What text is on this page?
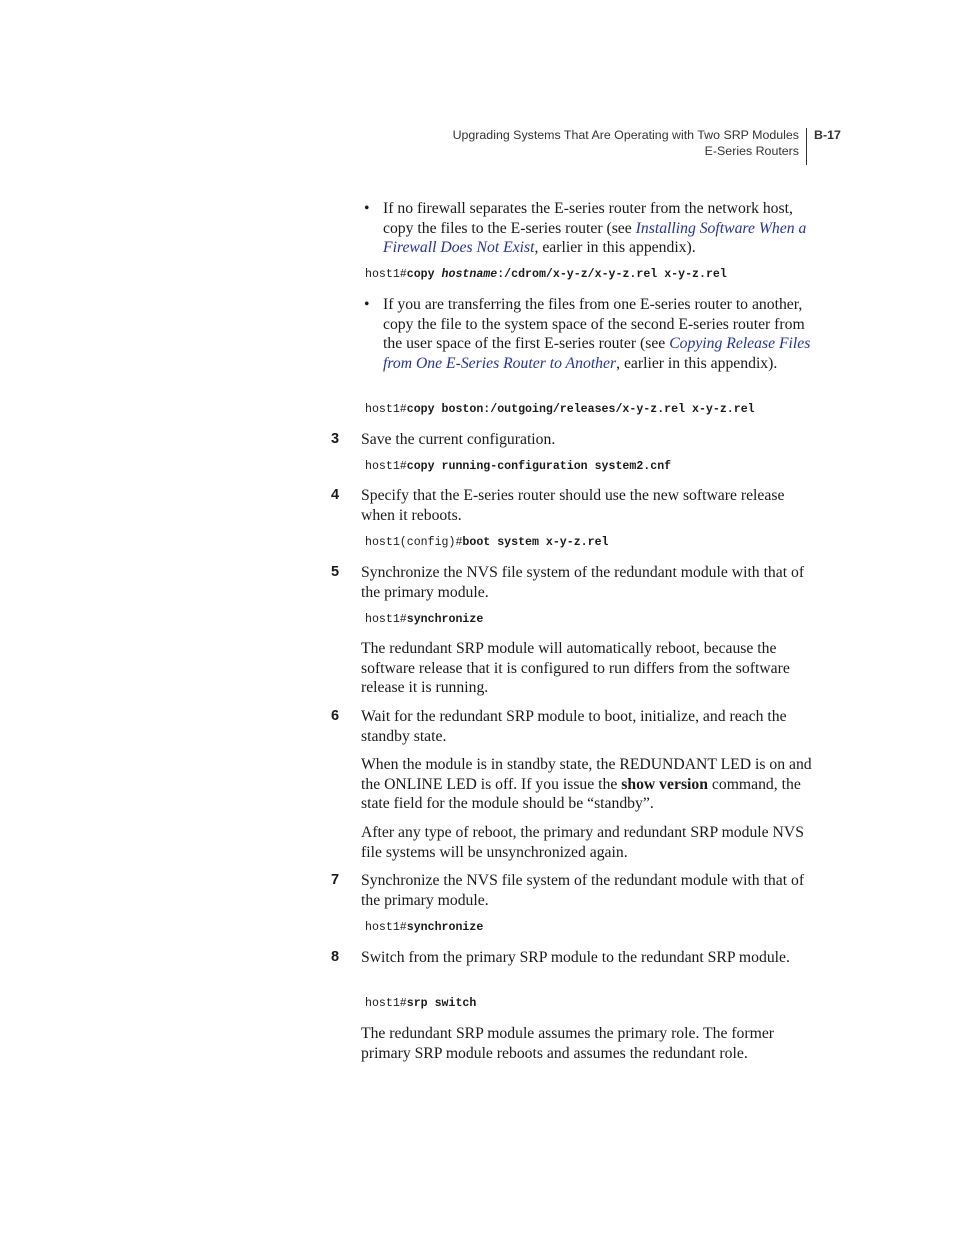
Upgrading Systems That Are Operating with Two SRP Modules
E-Series Routers
B-17
• If no firewall separates the E-series router from the network host, copy the files to the E-series router (see Installing Software When a Firewall Does Not Exist, earlier in this appendix).
host1#copy hostname:/cdrom/x-y-z/x-y-z.rel x-y-z.rel
• If you are transferring the files from one E-series router to another, copy the file to the system space of the second E-series router from the user space of the first E-series router (see Copying Release Files from One E-Series Router to Another, earlier in this appendix).
host1#copy boston:/outgoing/releases/x-y-z.rel x-y-z.rel
3 Save the current configuration.
host1#copy running-configuration system2.cnf
4 Specify that the E-series router should use the new software release when it reboots.
host1(config)#boot system x-y-z.rel
5 Synchronize the NVS file system of the redundant module with that of the primary module.
host1#synchronize
The redundant SRP module will automatically reboot, because the software release that it is configured to run differs from the software release it is running.
6 Wait for the redundant SRP module to boot, initialize, and reach the standby state.
When the module is in standby state, the REDUNDANT LED is on and the ONLINE LED is off. If you issue the show version command, the state field for the module should be “standby”.
After any type of reboot, the primary and redundant SRP module NVS file systems will be unsynchronized again.
7 Synchronize the NVS file system of the redundant module with that of the primary module.
host1#synchronize
8 Switch from the primary SRP module to the redundant SRP module.
host1#srp switch
The redundant SRP module assumes the primary role. The former primary SRP module reboots and assumes the redundant role.
